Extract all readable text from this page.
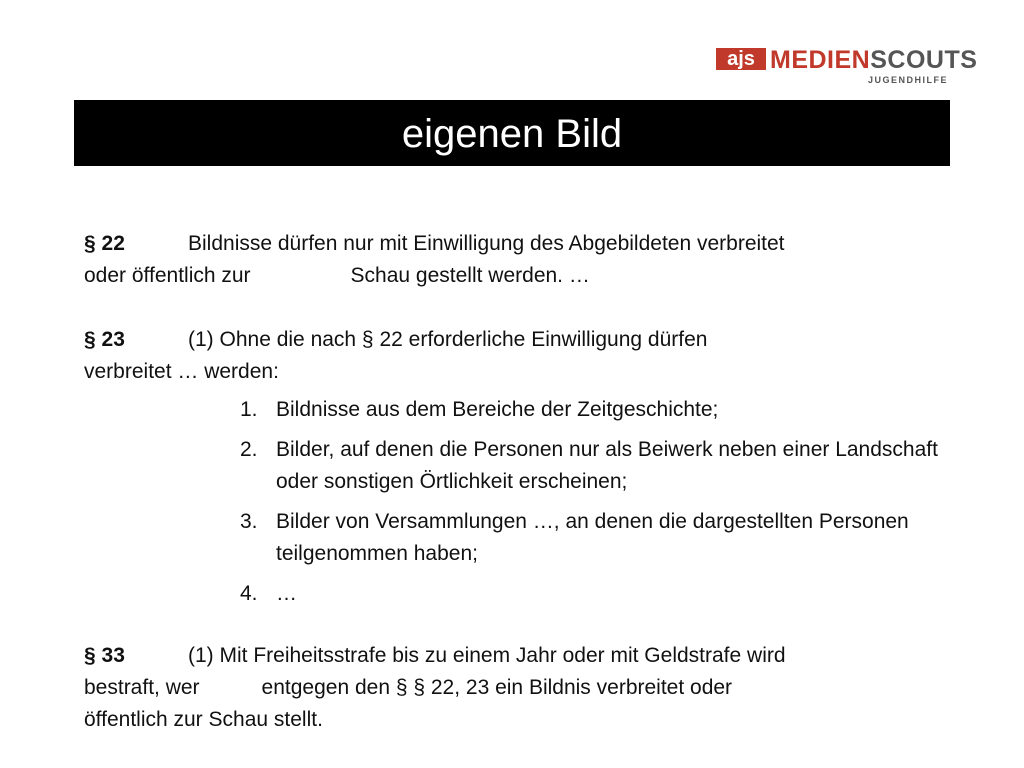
ajs MEDIENSCOUTS
JUGENDHILFE
eigenen Bild
§ 22	Bildnisse dürfen nur mit Einwilligung des Abgebildeten verbreitet
oder öffentlich zur	Schau gestellt werden. …
§ 23	(1) Ohne die nach § 22 erforderliche Einwilligung dürfen
verbreitet … werden:
1. Bildnisse aus dem Bereiche der Zeitgeschichte;
2. Bilder, auf denen die Personen nur als Beiwerk neben einer Landschaft oder sonstigen Örtlichkeit erscheinen;
3. Bilder von Versammlungen …, an denen die dargestellten Personen teilgenommen haben;
4. …
§ 33	(1) Mit Freiheitsstrafe bis zu einem Jahr oder mit Geldstrafe wird
bestraft, wer	entgegen den § § 22, 23 ein Bildnis verbreitet oder
öffentlich zur Schau stellt.
